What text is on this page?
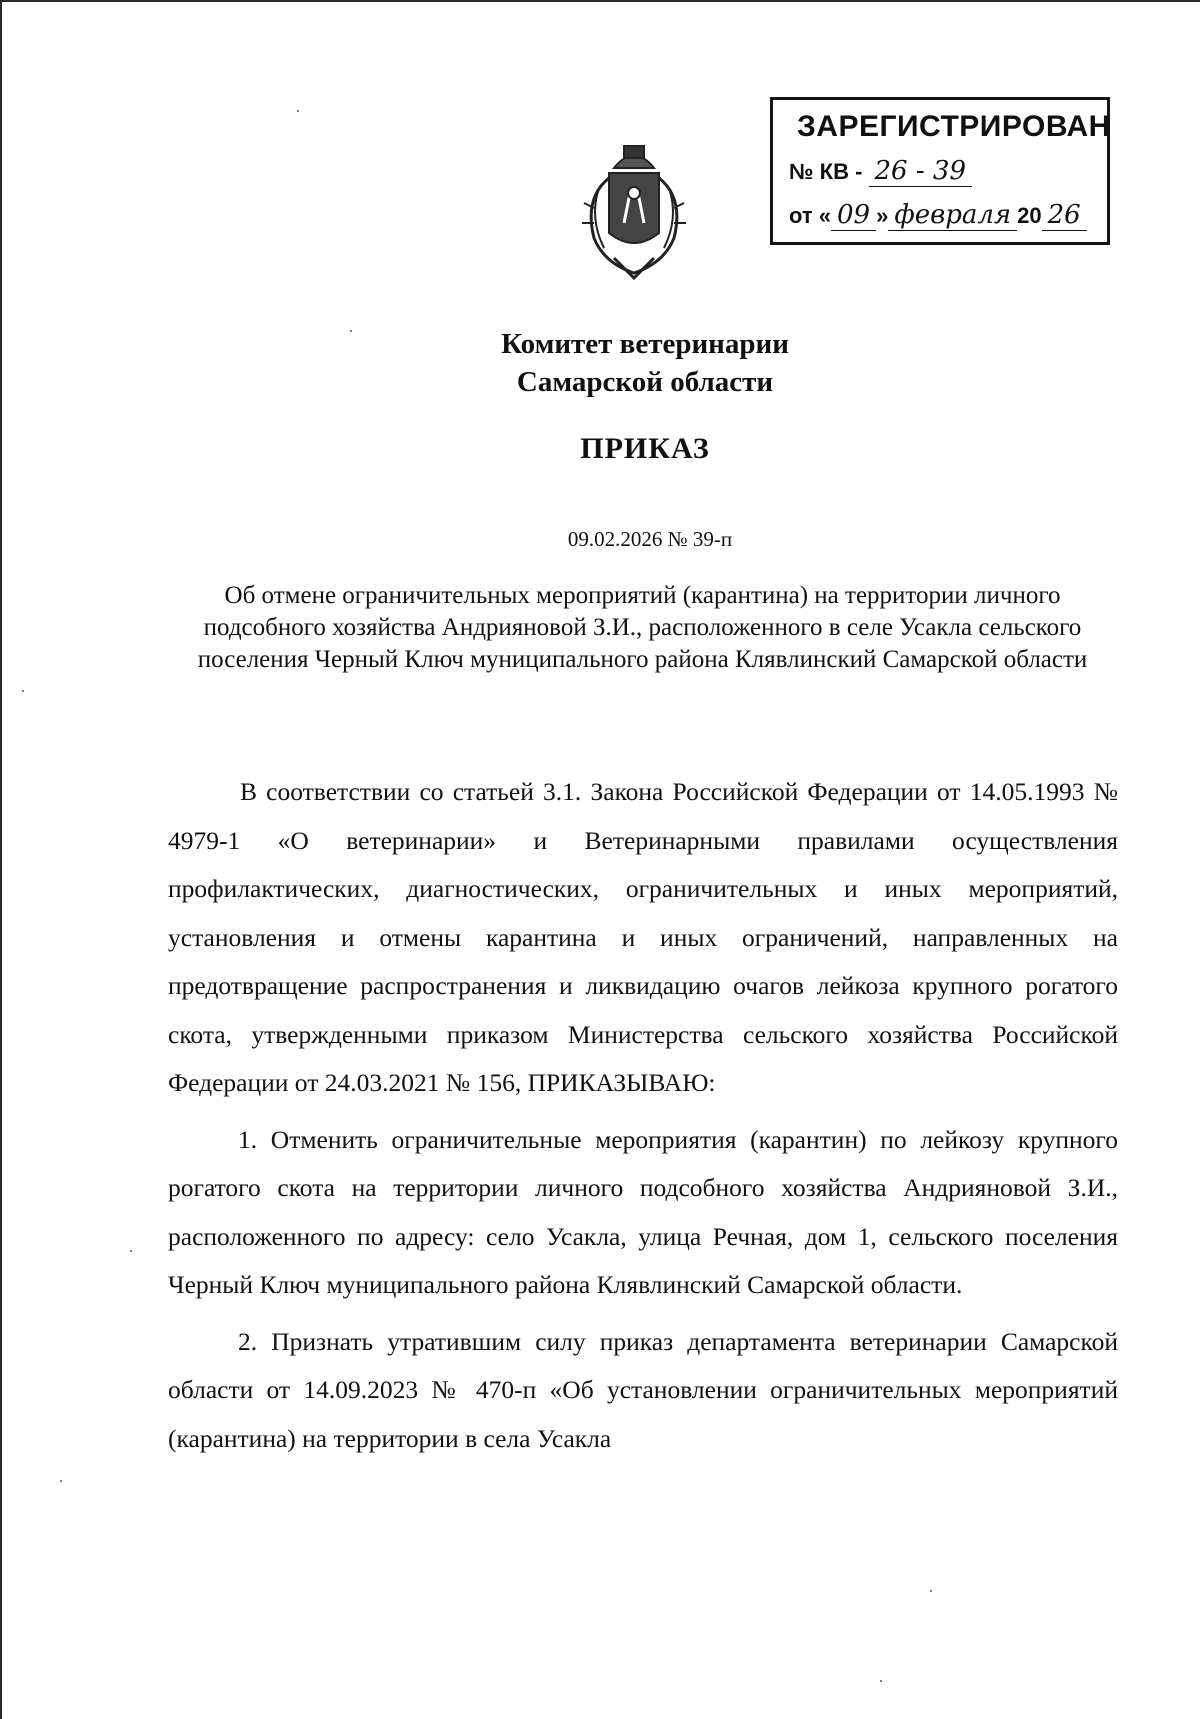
ЗАРЕГИСТРИРОВАН
№ КВ - 26 - 39
от « 09 » февраля 20 26
Комитет ветеринарии
Самарской области
ПРИКАЗ
09.02.2026 № 39-п
Об отмене ограничительных мероприятий (карантина) на территории личного подсобного хозяйства Андрияновой З.И., расположенного в селе Усакла сельского поселения Черный Ключ муниципального района Клявлинский Самарской области

В соответствии со статьей 3.1. Закона Российской Федерации от 14.05.1993 № 4979-1 «О ветеринарии» и Ветеринарными правилами осуществления профилактических, диагностических, ограничительных и иных мероприятий, установления и отмены карантина и иных ограничений, направленных на предотвращение распространения и ликвидацию очагов лейкоза крупного рогатого скота, утвержденными приказом Министерства сельского хозяйства Российской Федерации от 24.03.2021 № 156, ПРИКАЗЫВАЮ:

1. Отменить ограничительные мероприятия (карантин) по лейкозу крупного рогатого скота на территории личного подсобного хозяйства Андрияновой З.И., расположенного по адресу: село Усакла, улица Речная, дом 1, сельского поселения Черный Ключ муниципального района Клявлинский Самарской области.

2. Признать утратившим силу приказ департамента ветеринарии Самарской области от 14.09.2023 № 470-п «Об установлении ограничительных мероприятий (карантина) на территории в села Усакла
